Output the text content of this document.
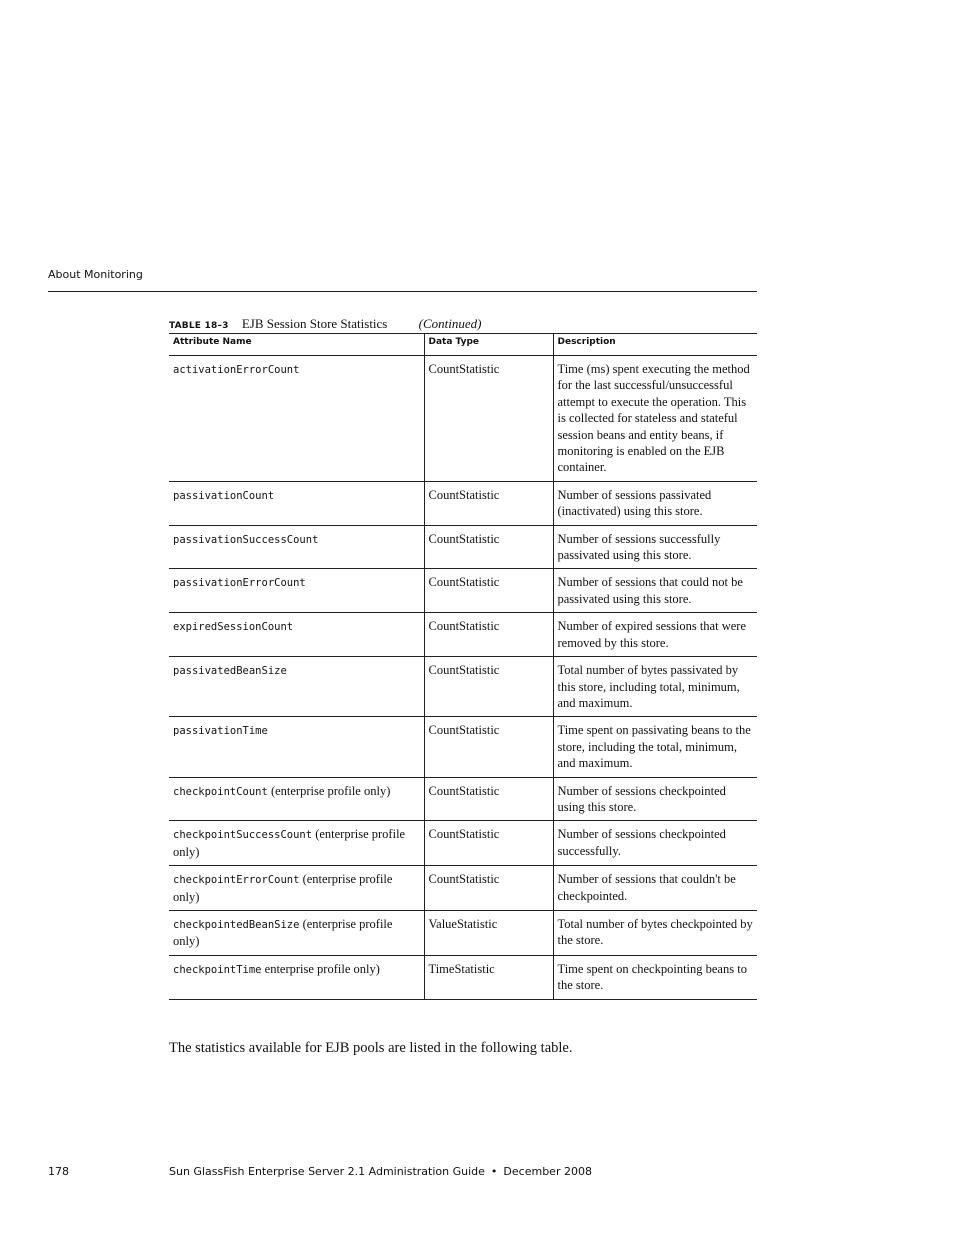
About Monitoring
TABLE 18–3 EJB Session Store Statistics (Continued)
Attribute Name	Data Type	Description
activationErrorCount	CountStatistic	Time (ms) spent executing the method for the last successful/unsuccessful attempt to execute the operation. This is collected for stateless and stateful session beans and entity beans, if monitoring is enabled on the EJB container.
passivationCount	CountStatistic	Number of sessions passivated (inactivated) using this store.
passivationSuccessCount	CountStatistic	Number of sessions successfully passivated using this store.
passivationErrorCount	CountStatistic	Number of sessions that could not be passivated using this store.
expiredSessionCount	CountStatistic	Number of expired sessions that were removed by this store.
passivatedBeanSize	CountStatistic	Total number of bytes passivated by this store, including total, minimum, and maximum.
passivationTime	CountStatistic	Time spent on passivating beans to the store, including the total, minimum, and maximum.
checkpointCount (enterprise profile only)	CountStatistic	Number of sessions checkpointed using this store.
checkpointSuccessCount (enterprise profile only)	CountStatistic	Number of sessions checkpointed successfully.
checkpointErrorCount (enterprise profile only)	CountStatistic	Number of sessions that couldn't be checkpointed.
checkpointedBeanSize (enterprise profile only)	ValueStatistic	Total number of bytes checkpointed by the store.
checkpointTime enterprise profile only)	TimeStatistic	Time spent on checkpointing beans to the store.

The statistics available for EJB pools are listed in the following table.

178	Sun GlassFish Enterprise Server 2.1 Administration Guide • December 2008
